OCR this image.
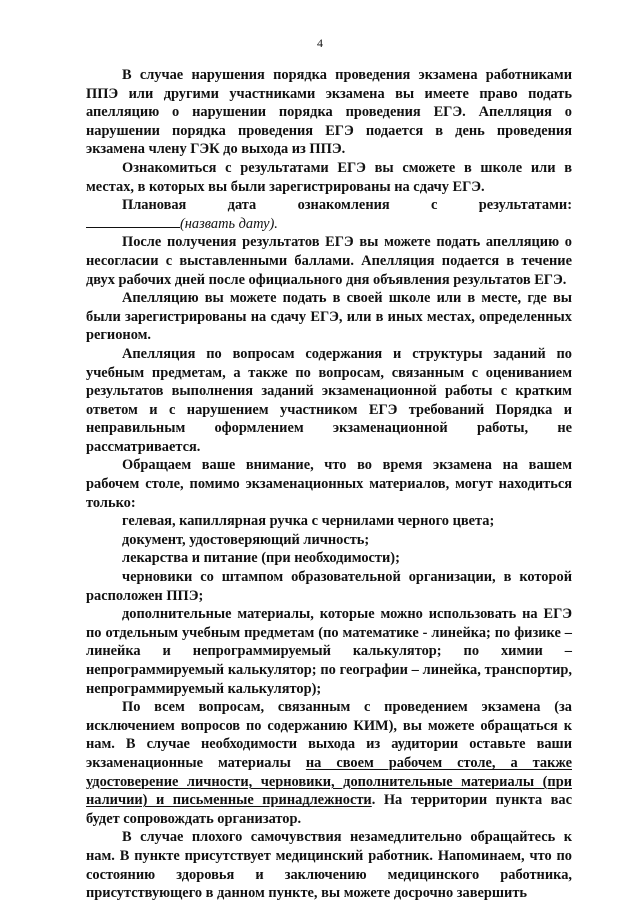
4

В случае нарушения порядка проведения экзамена работниками ППЭ или другими участниками экзамена вы имеете право подать апелляцию о нарушении порядка проведения ЕГЭ. Апелляция о нарушении порядка проведения ЕГЭ подается в день проведения экзамена члену ГЭК до выхода из ППЭ.

Ознакомиться с результатами ЕГЭ вы сможете в школе или в местах, в которых вы были зарегистрированы на сдачу ЕГЭ.

Плановая дата ознакомления с результатами:

(назвать дату).

После получения результатов ЕГЭ вы можете подать апелляцию о несогласии с выставленными баллами. Апелляция подается в течение двух рабочих дней после официального дня объявления результатов ЕГЭ.

Апелляцию вы можете подать в своей школе или в месте, где вы были зарегистрированы на сдачу ЕГЭ, или в иных местах, определенных регионом.

Апелляция по вопросам содержания и структуры заданий по учебным предметам, а также по вопросам, связанным с оцениванием результатов выполнения заданий экзаменационной работы с кратким ответом и с нарушением участником ЕГЭ требований Порядка и неправильным оформлением экзаменационной работы, не рассматривается.

Обращаем ваше внимание, что во время экзамена на вашем рабочем столе, помимо экзаменационных материалов, могут находиться только:

гелевая, капиллярная ручка с чернилами черного цвета;

документ, удостоверяющий личность;

лекарства и питание (при необходимости);

черновики со штампом образовательной организации, в которой расположен ППЭ;

дополнительные материалы, которые можно использовать на ЕГЭ по отдельным учебным предметам (по математике - линейка; по физике – линейка и непрограммируемый калькулятор; по химии – непрограммируемый калькулятор; по географии – линейка, транспортир, непрограммируемый калькулятор);

По всем вопросам, связанным с проведением экзамена (за исключением вопросов по содержанию КИМ), вы можете обращаться к нам. В случае необходимости выхода из аудитории оставьте ваши экзаменационные материалы на своем рабочем столе, а также удостоверение личности, черновики, дополнительные материалы (при наличии) и письменные принадлежности. На территории пункта вас будет сопровождать организатор.

В случае плохого самочувствия незамедлительно обращайтесь к нам. В пункте присутствует медицинский работник. Напоминаем, что по состоянию здоровья и заключению медицинского работника, присутствующего в данном пункте, вы можете досрочно завершить
